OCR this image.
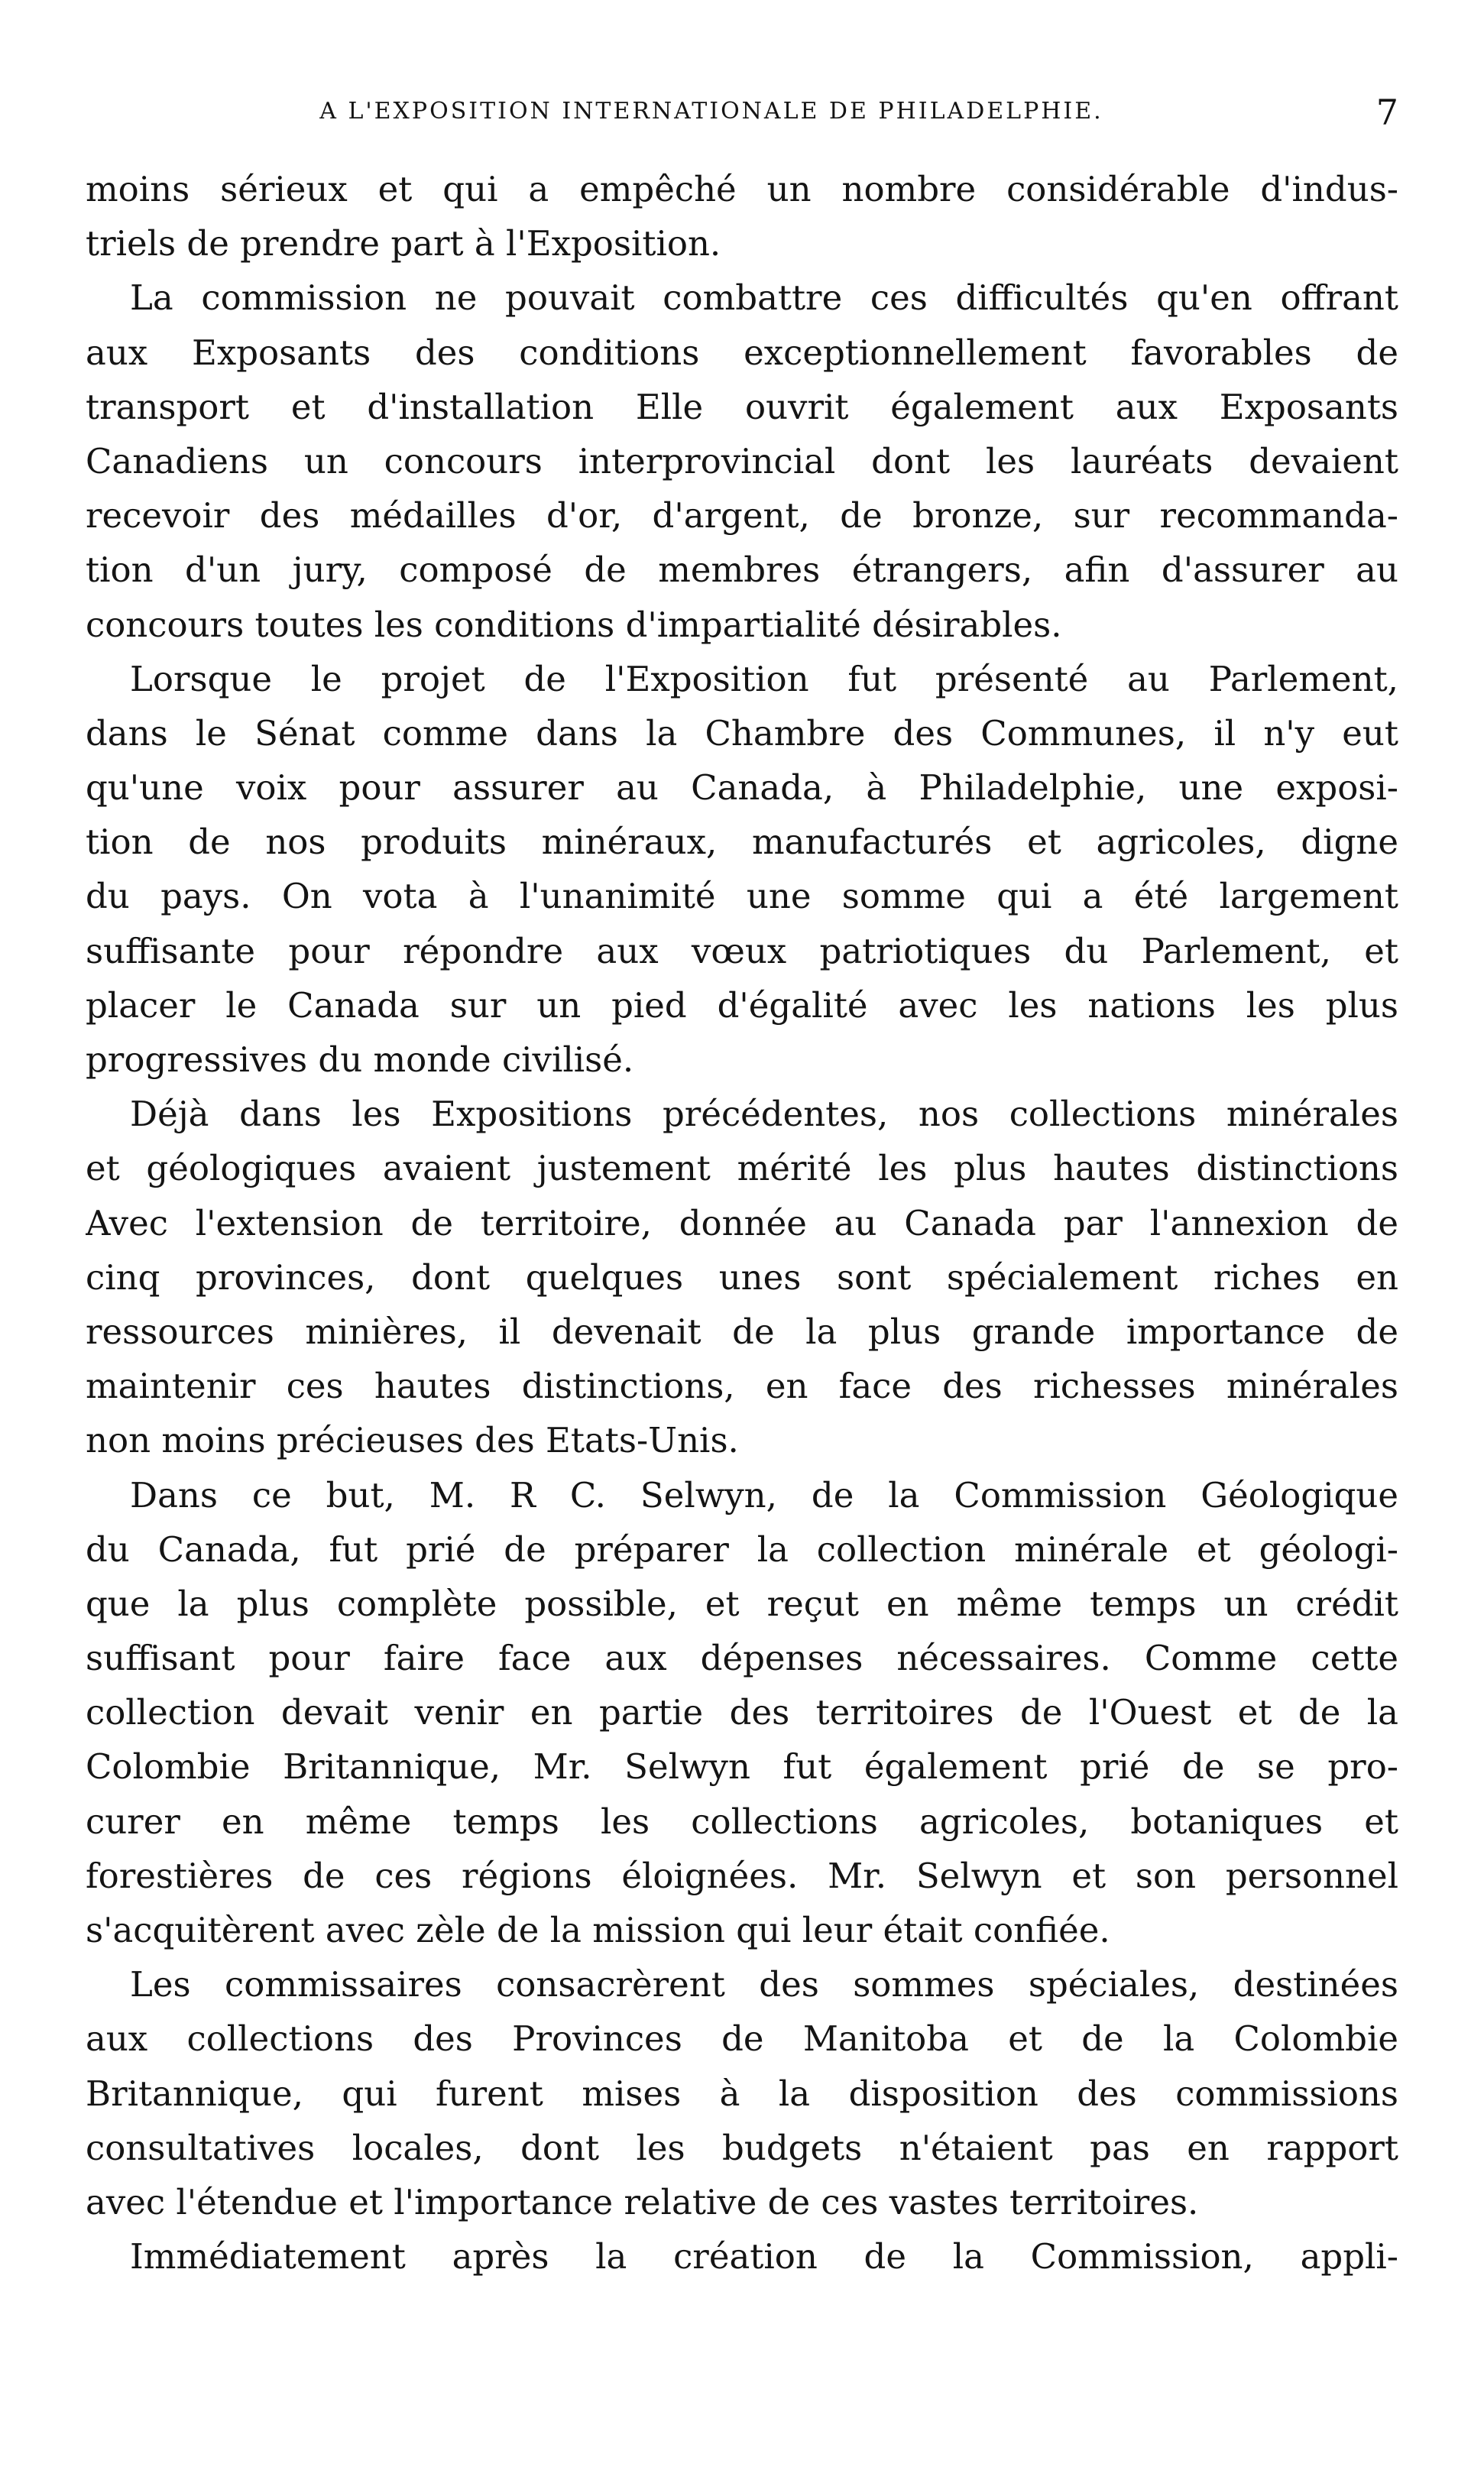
A L'EXPOSITION INTERNATIONALE DE PHILADELPHIE.	7
moins sérieux et qui a empêché un nombre considérable d'indus-
triels de prendre part à l'Exposition.
La commission ne pouvait combattre ces difficultés qu'en offrant
aux Exposants des conditions exceptionnellement favorables de
transport et d'installation Elle ouvrit également aux Exposants
Canadiens un concours interprovincial dont les lauréats devaient
recevoir des médailles d'or, d'argent, de bronze, sur recommanda-
tion d'un jury, composé de membres étrangers, afin d'assurer au
concours toutes les conditions d'impartialité désirables.
Lorsque le projet de l'Exposition fut présenté au Parlement,
dans le Sénat comme dans la Chambre des Communes, il n'y eut
qu'une voix pour assurer au Canada, à Philadelphie, une exposi-
tion de nos produits minéraux, manufacturés et agricoles, digne
du pays. On vota à l'unanimité une somme qui a été largement
suffisante pour répondre aux vœux patriotiques du Parlement, et
placer le Canada sur un pied d'égalité avec les nations les plus
progressives du monde civilisé.
Déjà dans les Expositions précédentes, nos collections minérales
et géologiques avaient justement mérité les plus hautes distinctions
Avec l'extension de territoire, donnée au Canada par l'annexion de
cinq provinces, dont quelques unes sont spécialement riches en
ressources minières, il devenait de la plus grande importance de
maintenir ces hautes distinctions, en face des richesses minérales
non moins précieuses des Etats-Unis.
Dans ce but, M. R C. Selwyn, de la Commission Géologique
du Canada, fut prié de préparer la collection minérale et géologi-
que la plus complète possible, et reçut en même temps un crédit
suffisant pour faire face aux dépenses nécessaires. Comme cette
collection devait venir en partie des territoires de l'Ouest et de la
Colombie Britannique, Mr. Selwyn fut également prié de se pro-
curer en même temps les collections agricoles, botaniques et
forestières de ces régions éloignées. Mr. Selwyn et son personnel
s'acquitèrent avec zèle de la mission qui leur était confiée.
Les commissaires consacrèrent des sommes spéciales, destinées
aux collections des Provinces de Manitoba et de la Colombie
Britannique, qui furent mises à la disposition des commissions
consultatives locales, dont les budgets n'étaient pas en rapport
avec l'étendue et l'importance relative de ces vastes territoires.
Immédiatement après la création de la Commission, appli-
